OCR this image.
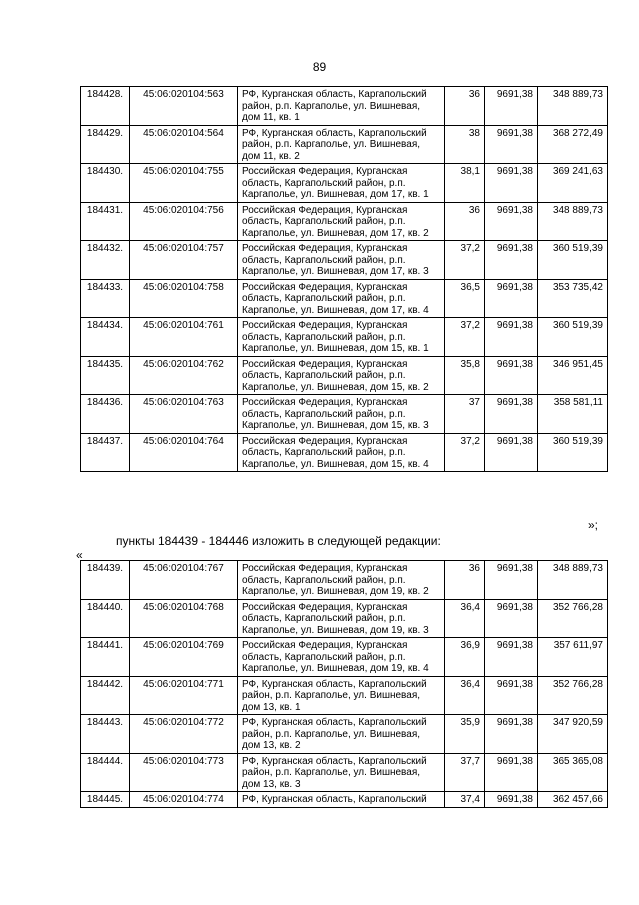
89
184428.	45:06:020104:563	РФ, Курганская область, Каргапольский район, р.п. Каргаполье, ул. Вишневая, дом 11, кв. 1	36	9691,38	348 889,73
184429.	45:06:020104:564	РФ, Курганская область, Каргапольский район, р.п. Каргаполье, ул. Вишневая, дом 11, кв. 2	38	9691,38	368 272,49
184430.	45:06:020104:755	Российская Федерация, Курганская область, Каргапольский район, р.п. Каргаполье, ул. Вишневая, дом 17, кв. 1	38,1	9691,38	369 241,63
184431.	45:06:020104:756	Российская Федерация, Курганская область, Каргапольский район, р.п. Каргаполье, ул. Вишневая, дом 17, кв. 2	36	9691,38	348 889,73
184432.	45:06:020104:757	Российская Федерация, Курганская область, Каргапольский район, р.п. Каргаполье, ул. Вишневая, дом 17, кв. 3	37,2	9691,38	360 519,39
184433.	45:06:020104:758	Российская Федерация, Курганская область, Каргапольский район, р.п. Каргаполье, ул. Вишневая, дом 17, кв. 4	36,5	9691,38	353 735,42
184434.	45:06:020104:761	Российская Федерация, Курганская область, Каргапольский район, р.п. Каргаполье, ул. Вишневая, дом 15, кв. 1	37,2	9691,38	360 519,39
184435.	45:06:020104:762	Российская Федерация, Курганская область, Каргапольский район, р.п. Каргаполье, ул. Вишневая, дом 15, кв. 2	35,8	9691,38	346 951,45
184436.	45:06:020104:763	Российская Федерация, Курганская область, Каргапольский район, р.п. Каргаполье, ул. Вишневая, дом 15, кв. 3	37	9691,38	358 581,11
184437.	45:06:020104:764	Российская Федерация, Курганская область, Каргапольский район, р.п. Каргаполье, ул. Вишневая, дом 15, кв. 4	37,2	9691,38	360 519,39
»;
пункты 184439 - 184446 изложить в следующей редакции:
«
184439.	45:06:020104:767	Российская Федерация, Курганская область, Каргапольский район, р.п. Каргаполье, ул. Вишневая, дом 19, кв. 2	36	9691,38	348 889,73
184440.	45:06:020104:768	Российская Федерация, Курганская область, Каргапольский район, р.п. Каргаполье, ул. Вишневая, дом 19, кв. 3	36,4	9691,38	352 766,28
184441.	45:06:020104:769	Российская Федерация, Курганская область, Каргапольский район, р.п. Каргаполье, ул. Вишневая, дом 19, кв. 4	36,9	9691,38	357 611,97
184442.	45:06:020104:771	РФ, Курганская область, Каргапольский район, р.п. Каргаполье, ул. Вишневая, дом 13, кв. 1	36,4	9691,38	352 766,28
184443.	45:06:020104:772	РФ, Курганская область, Каргапольский район, р.п. Каргаполье, ул. Вишневая, дом 13, кв. 2	35,9	9691,38	347 920,59
184444.	45:06:020104:773	РФ, Курганская область, Каргапольский район, р.п. Каргаполье, ул. Вишневая, дом 13, кв. 3	37,7	9691,38	365 365,08
184445.	45:06:020104:774	РФ, Курганская область, Каргапольский	37,4	9691,38	362 457,66
